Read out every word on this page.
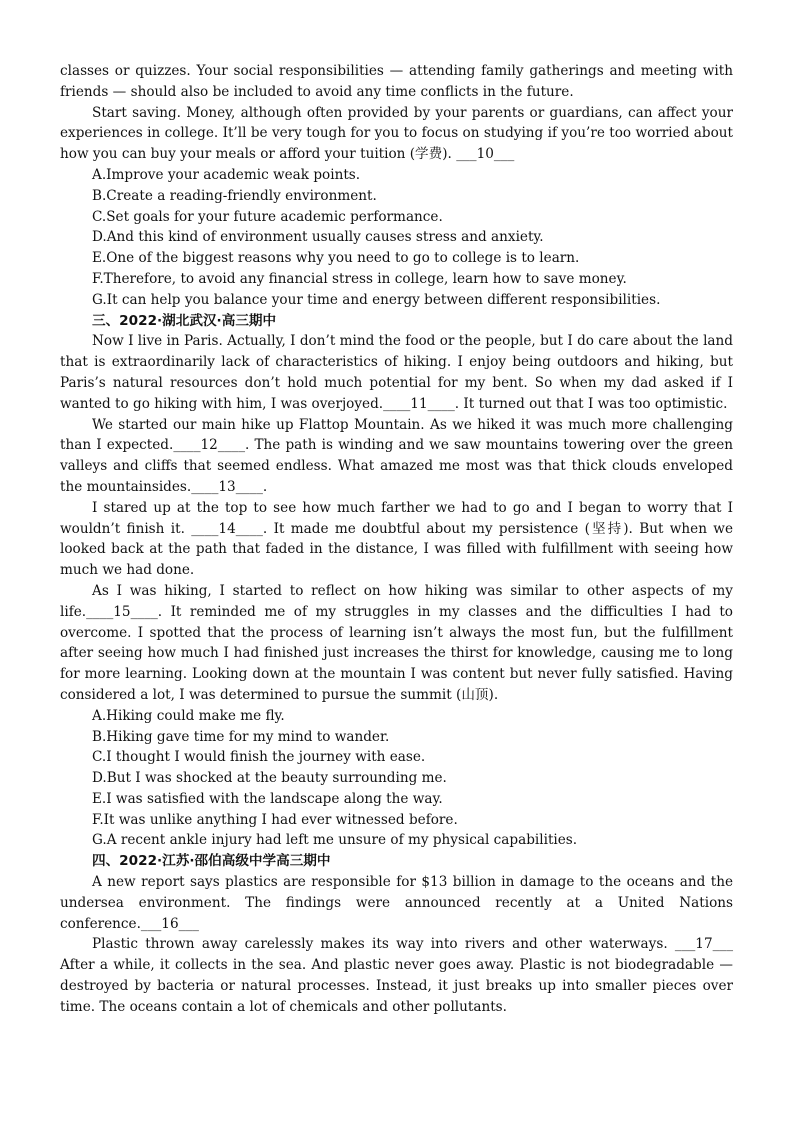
classes or quizzes. Your social responsibilities — attending family gatherings and meeting with friends — should also be included to avoid any time conflicts in the future.

Start saving. Money, although often provided by your parents or guardians, can affect your experiences in college. It’ll be very tough for you to focus on studying if you’re too worried about how you can buy your meals or afford your tuition (学费). ___10___

A.Improve your academic weak points.

B.Create a reading-friendly environment.

C.Set goals for your future academic performance.

D.And this kind of environment usually causes stress and anxiety.

E.One of the biggest reasons why you need to go to college is to learn.

F.Therefore, to avoid any financial stress in college, learn how to save money.

G.It can help you balance your time and energy between different responsibilities.

三、2022·湖北武汉·高三期中

Now I live in Paris. Actually, I don’t mind the food or the people, but I do care about the land that is extraordinarily lack of characteristics of hiking. I enjoy being outdoors and hiking, but Paris’s natural resources don’t hold much potential for my bent. So when my dad asked if I wanted to go hiking with him, I was overjoyed.____11____. It turned out that I was too optimistic.

We started our main hike up Flattop Mountain. As we hiked it was much more challenging than I expected.____12____. The path is winding and we saw mountains towering over the green valleys and cliffs that seemed endless. What amazed me most was that thick clouds enveloped the mountainsides.____13____.

I stared up at the top to see how much farther we had to go and I began to worry that I wouldn’t finish it. ____14____. It made me doubtful about my persistence (坚持). But when we looked back at the path that faded in the distance, I was filled with fulfillment with seeing how much we had done.

As I was hiking, I started to reflect on how hiking was similar to other aspects of my life.____15____. It reminded me of my struggles in my classes and the difficulties I had to overcome. I spotted that the process of learning isn’t always the most fun, but the fulfillment after seeing how much I had finished just increases the thirst for knowledge, causing me to long for more learning. Looking down at the mountain I was content but never fully satisfied. Having considered a lot, I was determined to pursue the summit (山顶).

A.Hiking could make me fly.

B.Hiking gave time for my mind to wander.

C.I thought I would finish the journey with ease.

D.But I was shocked at the beauty surrounding me.

E.I was satisfied with the landscape along the way.

F.It was unlike anything I had ever witnessed before.

G.A recent ankle injury had left me unsure of my physical capabilities.

四、2022·江苏·邵伯高级中学高三期中

A new report says plastics are responsible for $13 billion in damage to the oceans and the undersea environment. The findings were announced recently at a United Nations conference.___16___

Plastic thrown away carelessly makes its way into rivers and other waterways. ___17___ After a while, it collects in the sea. And plastic never goes away. Plastic is not biodegradable — destroyed by bacteria or natural processes. Instead, it just breaks up into smaller pieces over time. The oceans contain a lot of chemicals and other pollutants.
